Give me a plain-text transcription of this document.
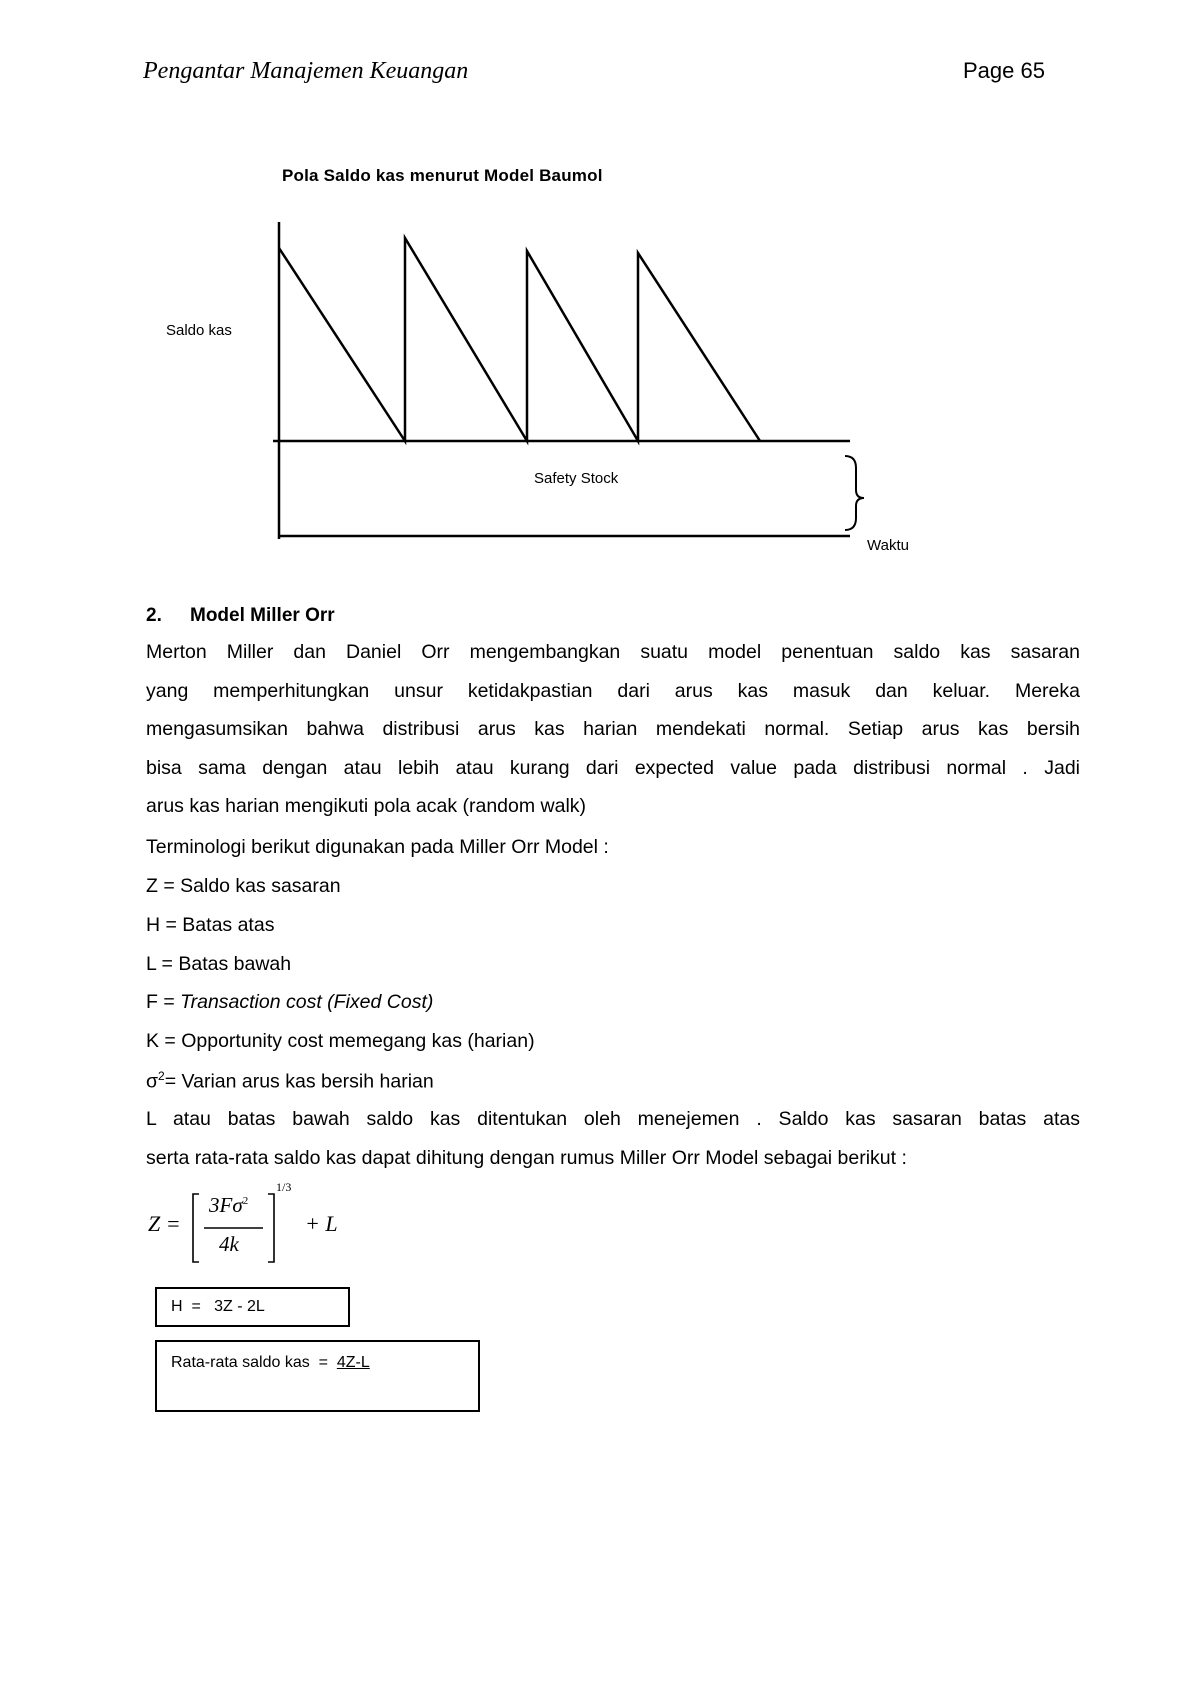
Pengantar Manajemen Keuangan	Page 65
Pola Saldo kas menurut Model Baumol
Saldo kas
Safety Stock
Waktu
2. Model Miller Orr
Merton Miller dan Daniel Orr mengembangkan suatu model penentuan saldo kas sasaran
yang memperhitungkan unsur ketidakpastian dari arus kas masuk dan keluar. Mereka
mengasumsikan bahwa distribusi arus kas harian mendekati normal. Setiap arus kas bersih
bisa sama dengan atau lebih atau kurang dari expected value pada distribusi normal . Jadi
arus kas harian mengikuti pola acak (random walk)
Terminologi berikut digunakan pada Miller Orr Model :
Z = Saldo kas sasaran
H = Batas atas
L = Batas bawah
F = Transaction cost (Fixed Cost)
K = Opportunity cost memegang kas (harian)
$\sigma^2=$ Varian arus kas bersih harian
L atau batas bawah saldo kas ditentukan oleh menejemen . Saldo kas sasaran batas atas
serta rata-rata saldo kas dapat dihitung dengan rumus Miller Orr Model sebagai berikut :
Z =
$3F\sigma^2$
4k
1/3
+ L
H  =   3Z - 2L
Rata-rata saldo kas  =  4Z-L
